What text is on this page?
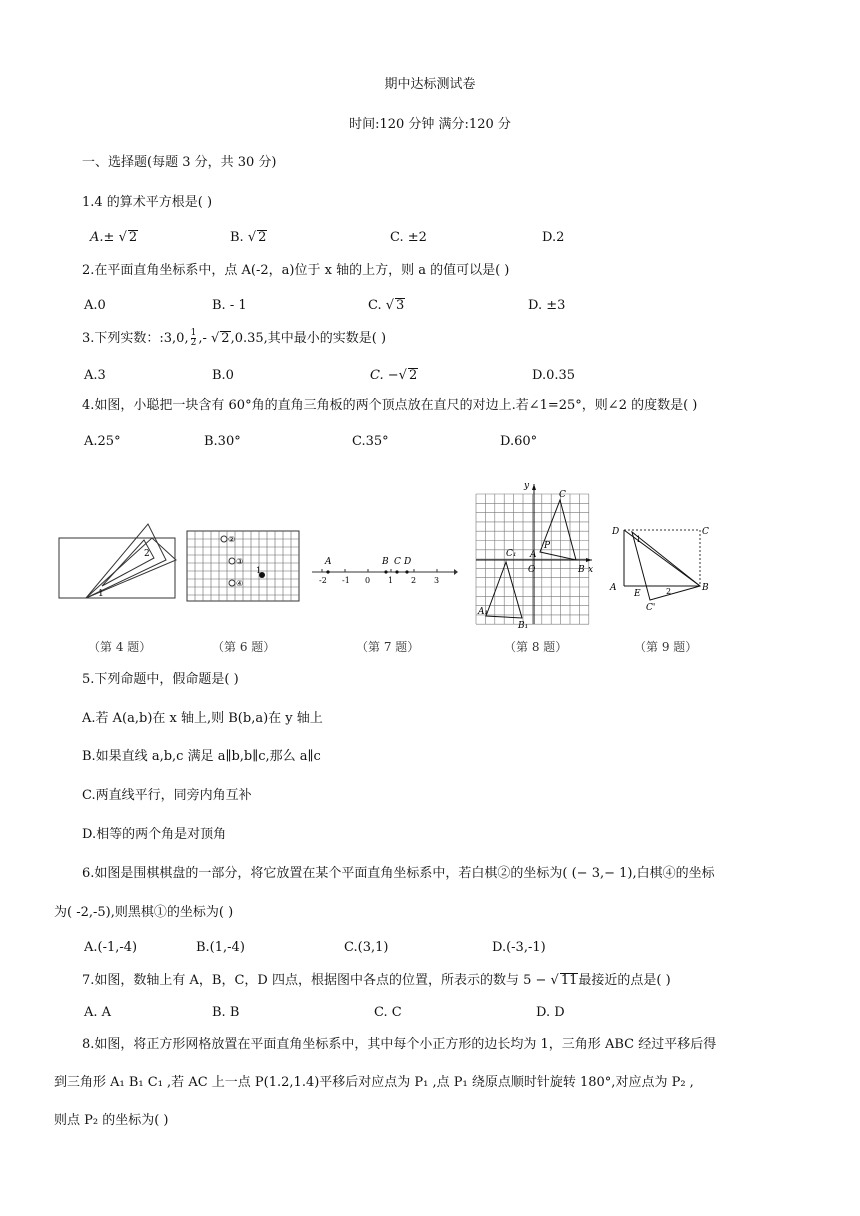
期中达标测试卷
时间:120 分钟 满分:120 分
一、选择题(每题 3 分，共 30 分)
1.4 的算术平方根是( )
A.± √ 2	B. √ 2	C. ±2	D.2
2.在平面直角坐标系中，点 A(-2，a)位于 x 轴的上方，则 a 的值可以是( )
A.0	B. - 1	C. √ 3	D. ±3
3.下列实数：:3,0, $\frac{1}{2}$ ,- √ 2,0.35,其中最小的实数是( )
A.3	B.0	C. −√ 2	D.0.35
4.如图，小聪把一块含有 60°角的直角三角板的两个顶点放在直尺的对边上.若∠1=25°，则∠2 的度数是( )
A.25°	B.30°	C.35°	D.60°
2
1
②
③
④
1
-2 -1 0 1 2 3
A	B C D
y
C
C₁
P
A
O	B x
A₁
B₁
D
1
C
A
E	2	B
C'
（第 4 题）	（第 6 题）	（第 7 题）	（第 8 题）	（第 9 题）
5.下列命题中，假命题是( )
A.若 A(a,b)在 x 轴上,则 B(b,a)在 y 轴上
B.如果直线 a,b,c 满足 a∥b,b∥c,那么 a∥c
C.两直线平行，同旁内角互补
D.相等的两个角是对顶角
6.如图是围棋棋盘的一部分，将它放置在某个平面直角坐标系中，若白棋②的坐标为( (− 3,− 1),白棋④的坐标
为( -2,-5),则黑棋①的坐标为( )
A.(-1,-4)	B.(1,-4)	C.(3,1)	D.(-3,-1)
7.如图，数轴上有 A，B，C，D 四点，根据图中各点的位置，所表示的数与 5 − √ 11最接近的点是( )
A. A	B. B	C. C	D. D
8.如图，将正方形网格放置在平面直角坐标系中，其中每个小正方形的边长均为 1，三角形 ABC 经过平移后得
到三角形 A₁ B₁ C₁ ,若 AC 上一点 P(1.2,1.4)平移后对应点为 P₁ ,点 P₁ 绕原点顺时针旋转 180°,对应点为 P₂ ,
则点 P₂ 的坐标为( )
